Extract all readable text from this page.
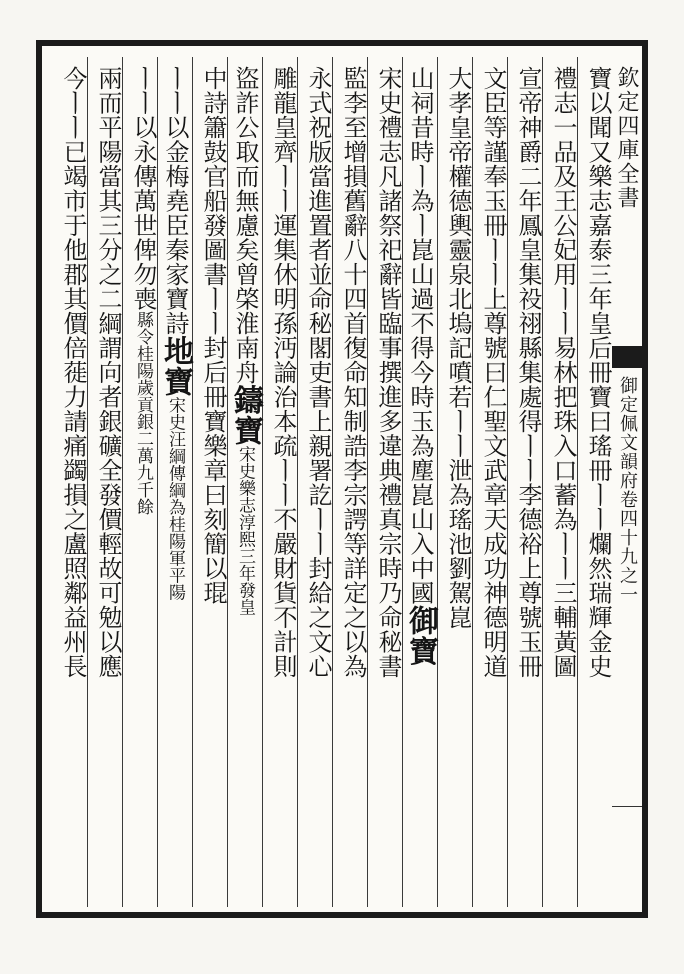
欽定四庫全書
御定佩文韻府卷四十九之一
寶以聞又樂志嘉泰三年皇后冊寶曰瑤冊ㅣㅣ爛然瑞輝金史
禮志一品及王公妃用ㅣㅣ易林把珠入口蓄為ㅣㅣ三輔黃圖
宣帝神爵二年鳳皇集祋祤縣集處得ㅣㅣ李德裕上尊號玉冊
文臣等謹奉玉冊ㅣㅣ上尊號曰仁聖文武章天成功神德明道
大孝皇帝權德輿靈泉北塢記噴若ㅣㅣ泄為瑤池劉駕崑
山祠昔時ㅣ為ㅣ崑山過不得今時玉為塵崑山入中國御寶
宋史禮志凡諸祭祀辭皆臨事撰進多違典禮真宗時乃命秘書
監李至增損舊辭八十四首復命知制誥李宗諤等詳定之以為
永式祝版當進置者並命秘閣吏書上親署訖ㅣㅣ封給之文心
雕龍皇齊ㅣㅣ運集休明孫沔論治本疏ㅣㅣ不嚴財貨不計則
盜詐公取而無慮矣曾棨淮南舟鑄寶宋史樂志淳熙三年發皇
中詩簫鼓官船發圖書ㅣㅣ封后冊寶樂章曰刻簡以琨
ㅣㅣ以金梅堯臣秦家寶詩地寶宋史汪綱傳綱為桂陽軍平陽
ㅣㅣ以永傳萬世俾勿喪縣令桂陽歲貢銀二萬九千餘
兩而平陽當其三分之二綱謂向者銀礦全發價輕故可勉以應
今ㅣㅣ已竭市于他郡其價倍蓰力請痛蠲損之盧照鄰益州長
